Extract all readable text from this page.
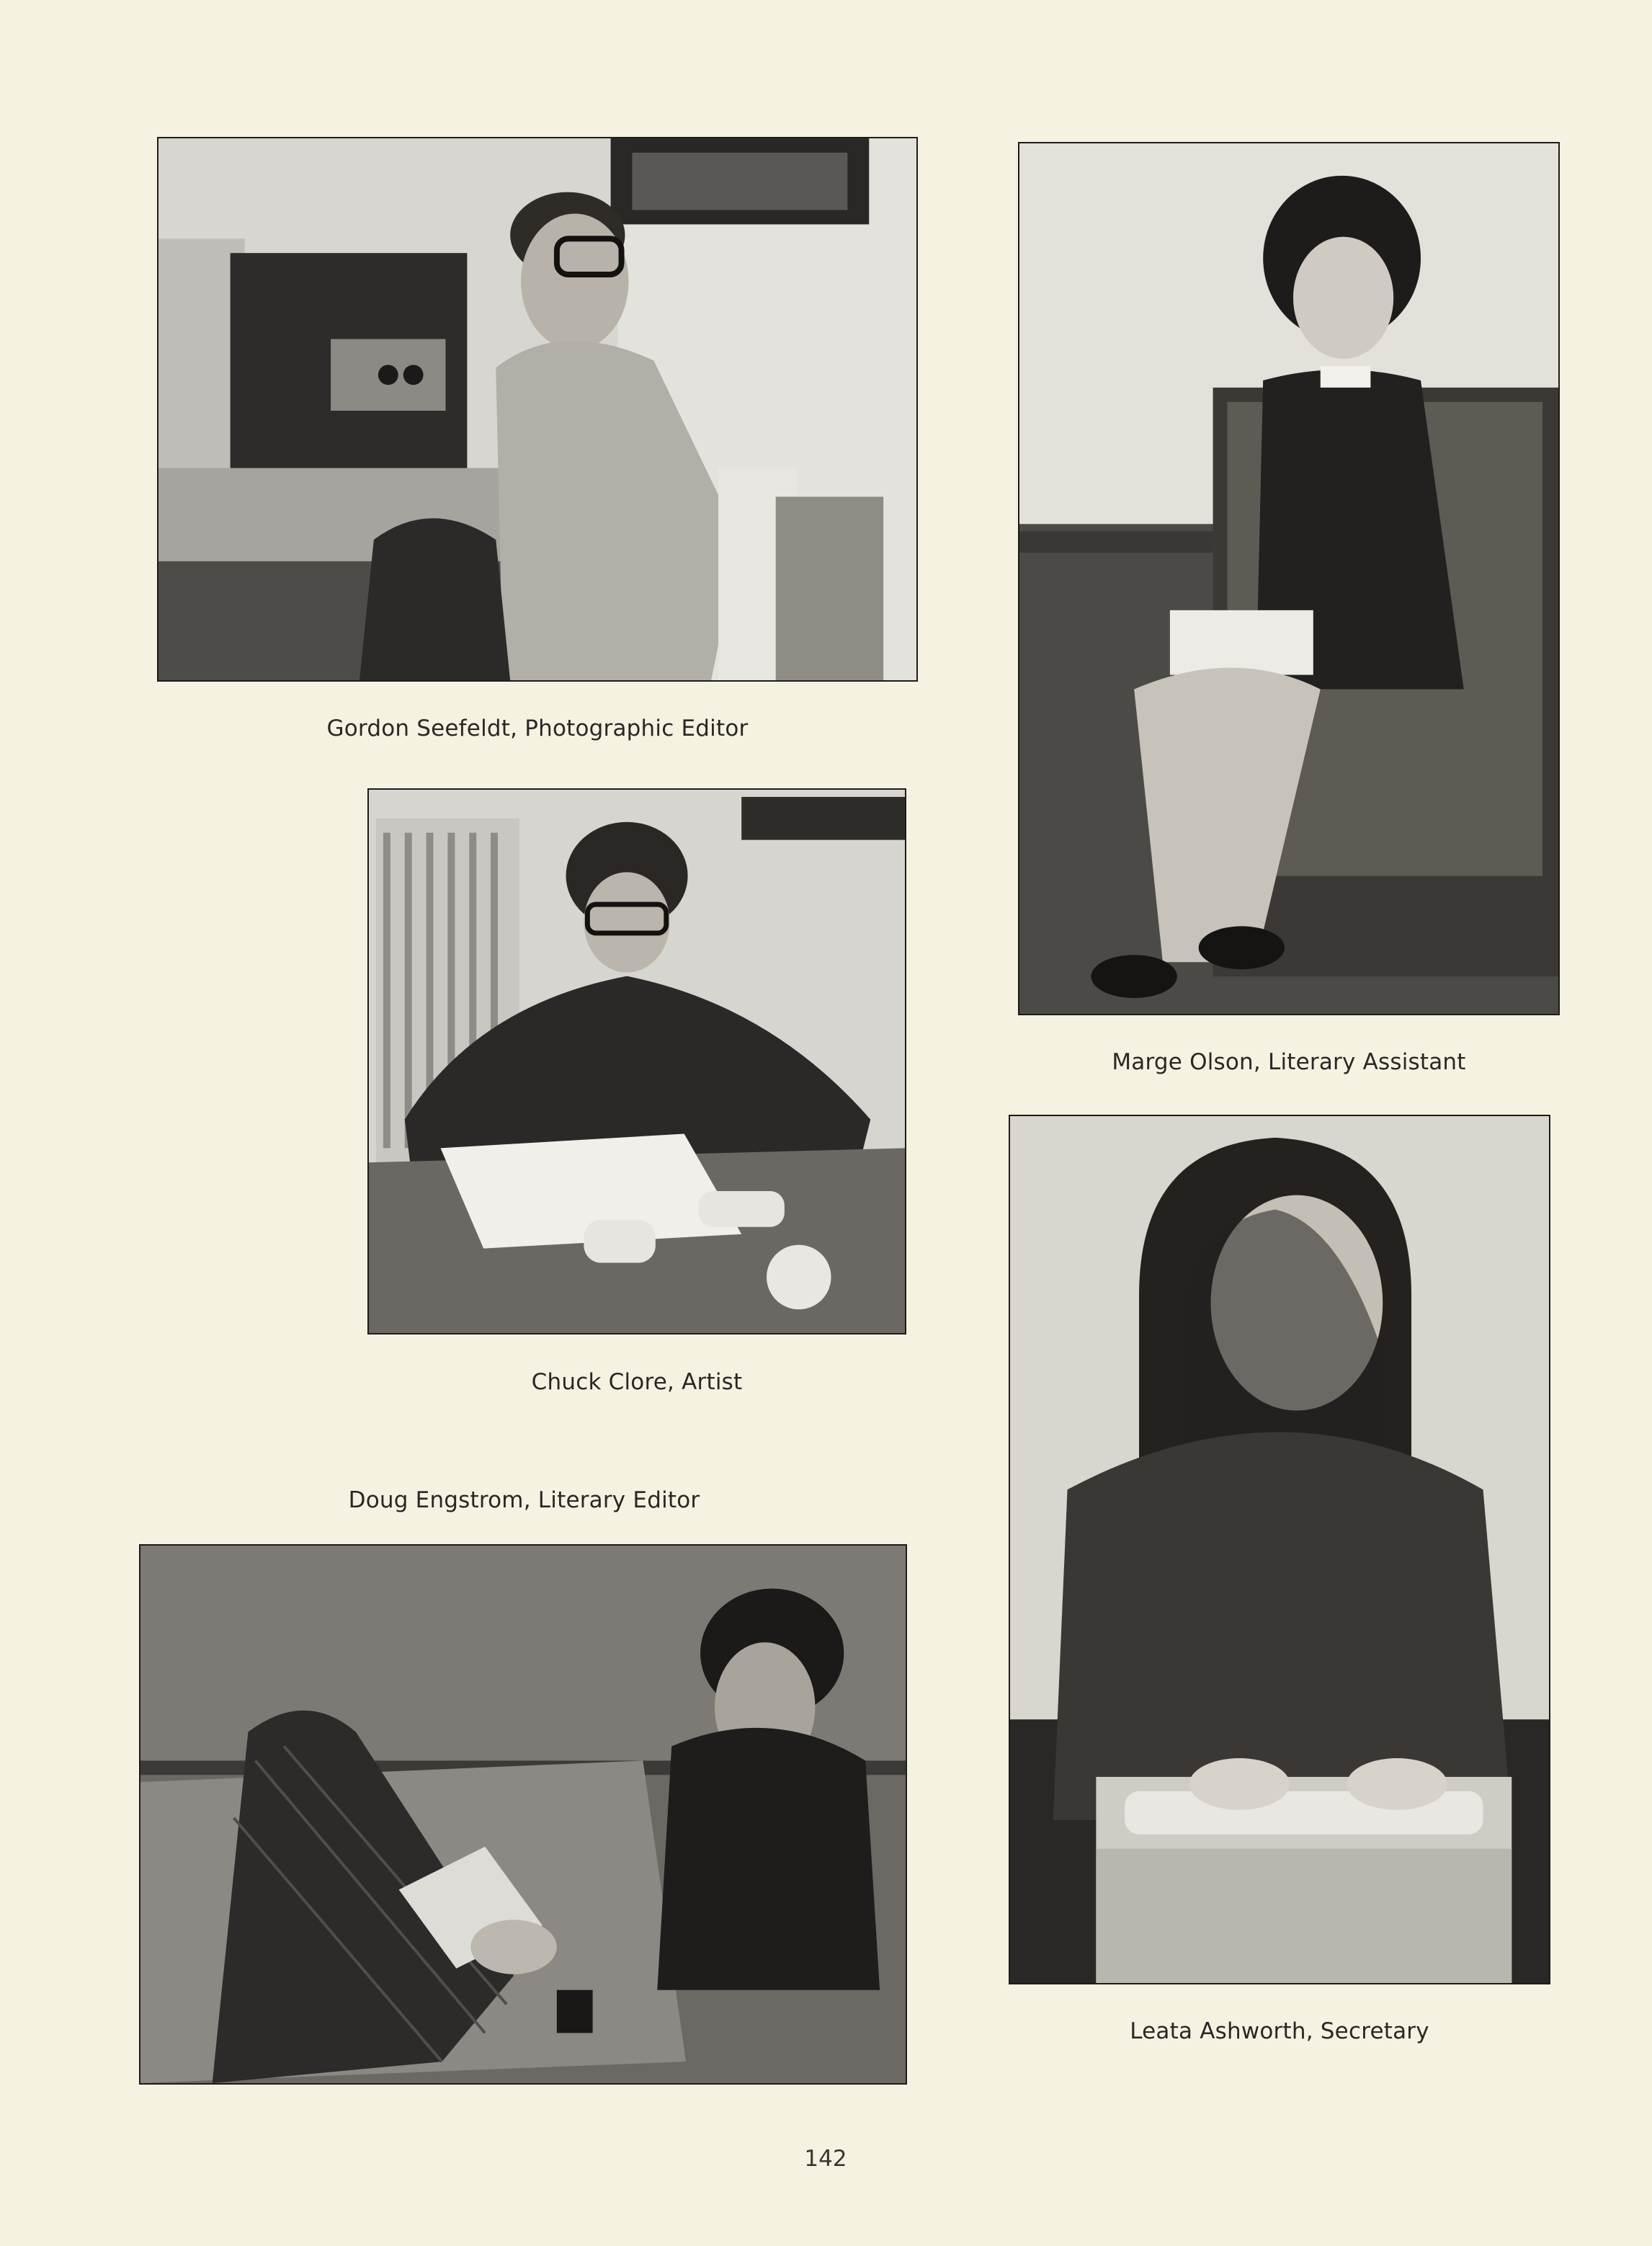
Gordon Seefeldt, Photographic Editor
Marge Olson, Literary Assistant
Chuck Clore, Artist
Doug Engstrom, Literary Editor
Leata Ashworth, Secretary
142
